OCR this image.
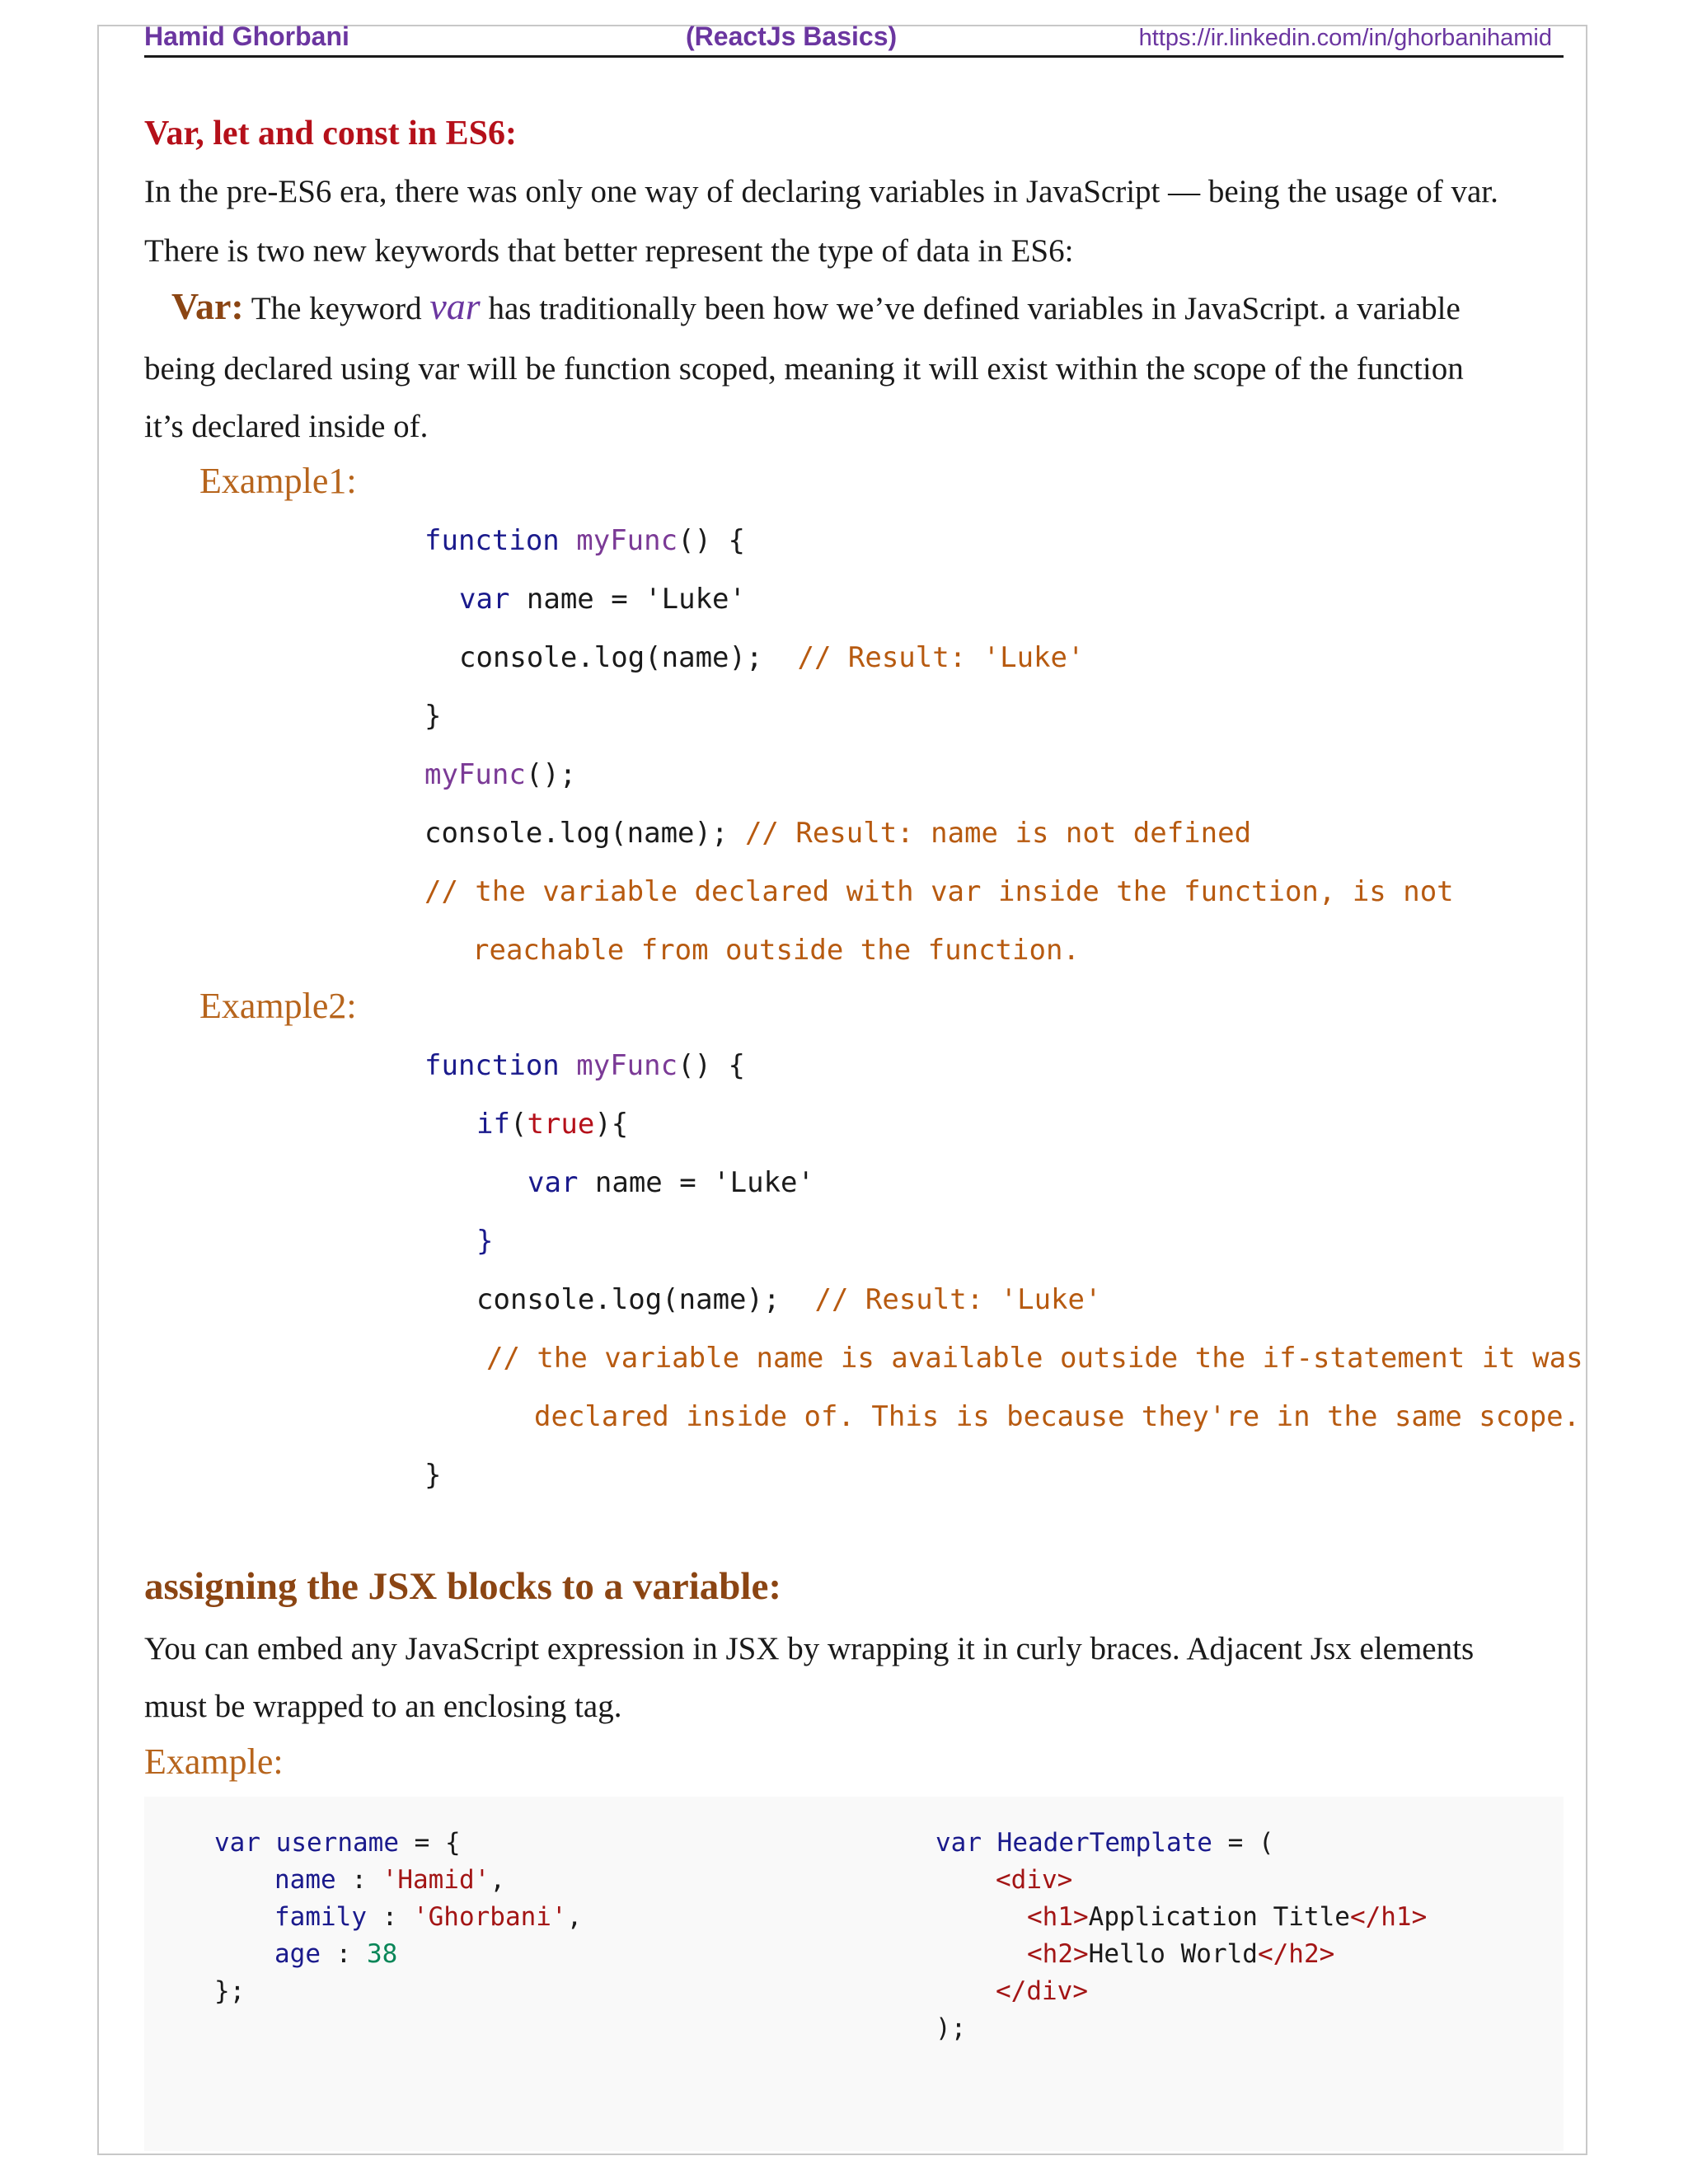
Hamid Ghorbani	(ReactJs Basics)	https://ir.linkedin.com/in/ghorbanihamid
Var, let and const in ES6:
In the pre-ES6 era, there was only one way of declaring variables in JavaScript — being the usage of var.
There is two new keywords that better represent the type of data in ES6:
Var: The keyword var has traditionally been how we’ve defined variables in JavaScript. a variable
being declared using var will be function scoped, meaning it will exist within the scope of the function
it’s declared inside of.
Example1:
function myFunc() {
var name = 'Luke'
console.log(name); // Result: 'Luke'
}
myFunc();
console.log(name); // Result: name is not defined
// the variable declared with var inside the function, is not
reachable from outside the function.
Example2:
function myFunc() {
if(true){
var name = 'Luke'
}
console.log(name); // Result: 'Luke'
// the variable name is available outside the if-statement it was
declared inside of. This is because they're in the same scope.
}
assigning the JSX blocks to a variable:
You can embed any JavaScript expression in JSX by wrapping it in curly braces. Adjacent Jsx elements
must be wrapped to an enclosing tag.
Example:
var username = {
name : 'Hamid',
family : 'Ghorbani',
age : 38
};
var HeaderTemplate = (
<div>
<h1>Application Title</h1>
<h2>Hello World</h2>
</div>
);
